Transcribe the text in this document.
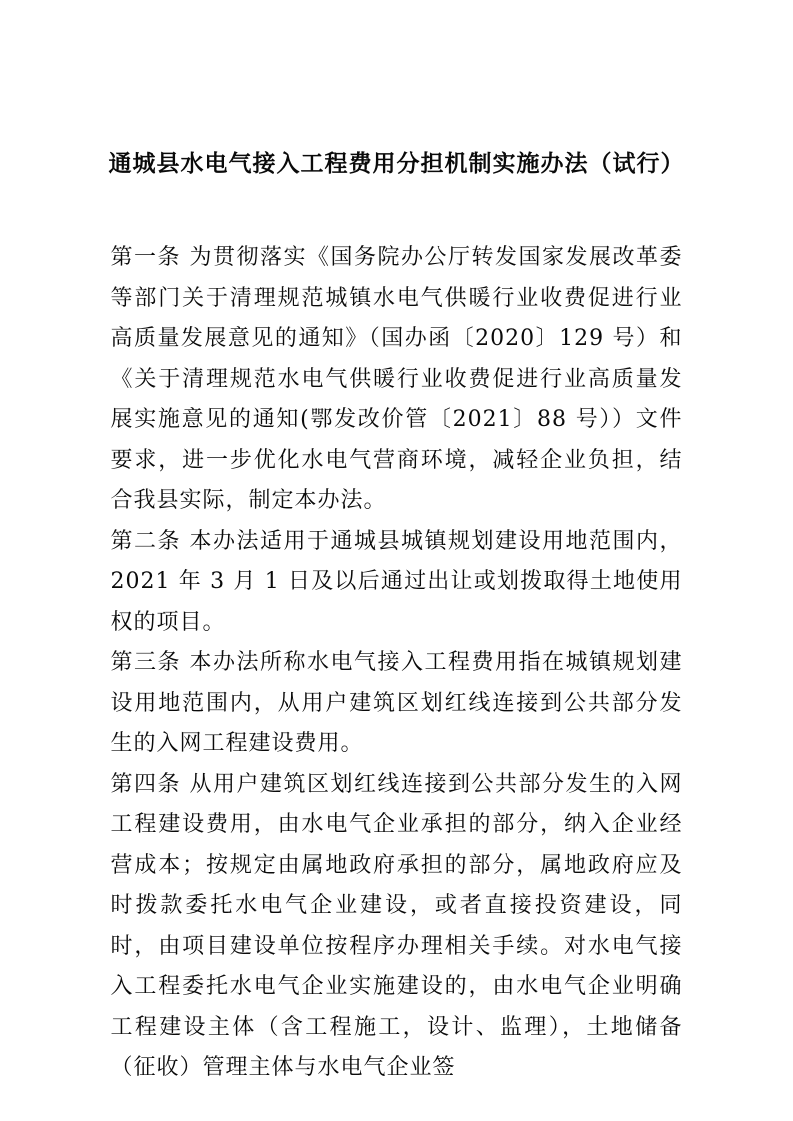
通城县水电气接入工程费用分担机制实施办法（试行）

第一条 为贯彻落实《国务院办公厅转发国家发展改革委等部门关于清理规范城镇水电气供暖行业收费促进行业高质量发展意见的通知》（国办函〔2020〕129 号）和《关于清理规范水电气供暖行业收费促进行业高质量发展实施意见的通知(鄂发改价管〔2021〕88 号））文件要求，进一步优化水电气营商环境，减轻企业负担，结合我县实际，制定本办法。

第二条 本办法适用于通城县城镇规划建设用地范围内，2021 年 3 月 1 日及以后通过出让或划拨取得土地使用权的项目。

第三条 本办法所称水电气接入工程费用指在城镇规划建设用地范围内，从用户建筑区划红线连接到公共部分发生的入网工程建设费用。

第四条 从用户建筑区划红线连接到公共部分发生的入网工程建设费用，由水电气企业承担的部分，纳入企业经营成本；按规定由属地政府承担的部分，属地政府应及时拨款委托水电气企业建设，或者直接投资建设，同时，由项目建设单位按程序办理相关手续。对水电气接入工程委托水电气企业实施建设的，由水电气企业明确工程建设主体（含工程施工，设计、监理），土地储备（征收）管理主体与水电气企业签
